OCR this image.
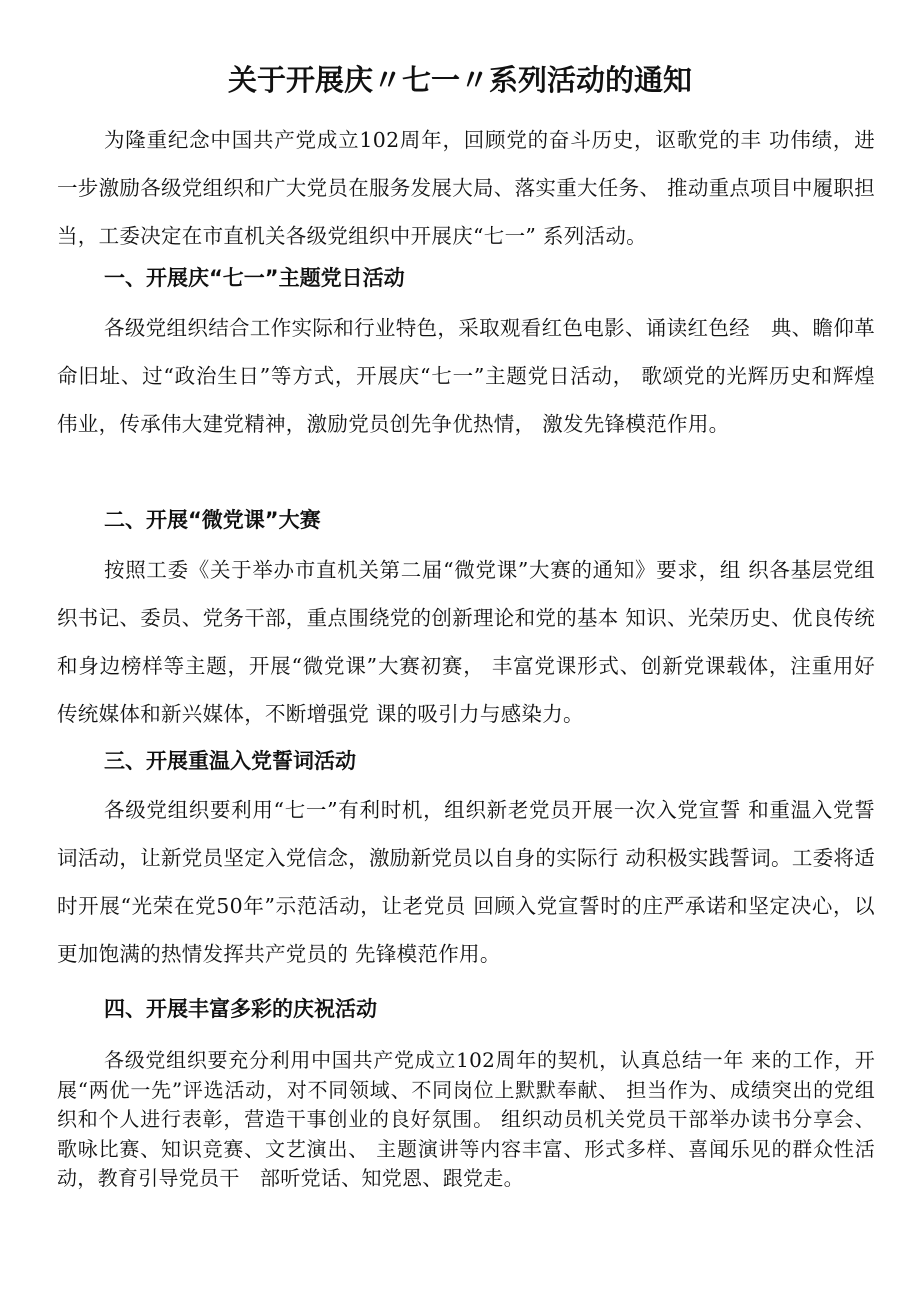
关于开展庆〃七一〃系列活动的通知

为隆重纪念中国共产党成立102周年，回顾党的奋斗历史，讴歌党的丰 功伟绩，进一步激励各级党组织和广大党员在服务发展大局、落实重大任务、 推动重点项目中履职担当，工委决定在市直机关各级党组织中开展庆“七一” 系列活动。

一、开展庆“七一”主题党日活动

各级党组织结合工作实际和行业特色，采取观看红色电影、诵读红色经　典、瞻仰革命旧址、过“政治生日”等方式，开展庆“七一”主题党日活动， 歌颂党的光辉历史和辉煌伟业，传承伟大建党精神，激励党员创先争优热情， 激发先锋模范作用。

二、开展“微党课”大赛

按照工委《关于举办市直机关第二届“微党课”大赛的通知》要求，组 织各基层党组织书记、委员、党务干部，重点围绕党的创新理论和党的基本 知识、光荣历史、优良传统和身边榜样等主题，开展“微党课”大赛初赛， 丰富党课形式、创新党课载体，注重用好传统媒体和新兴媒体，不断增强党 课的吸引力与感染力。

三、开展重温入党誓词活动

各级党组织要利用“七一”有利时机，组织新老党员开展一次入党宣誓 和重温入党誓词活动，让新党员坚定入党信念，激励新党员以自身的实际行 动积极实践誓词。工委将适时开展“光荣在党50年”示范活动，让老党员 回顾入党宣誓时的庄严承诺和坚定决心，以更加饱满的热情发挥共产党员的 先锋模范作用。

四、开展丰富多彩的庆祝活动

各级党组织要充分利用中国共产党成立102周年的契机，认真总结一年 来的工作，开展“两优一先”评选活动，对不同领域、不同岗位上默默奉献、 担当作为、成绩突出的党组织和个人进行表彰，营造干事创业的良好氛围。 组织动员机关党员干部举办读书分享会、歌咏比赛、知识竞赛、文艺演出、 主题演讲等内容丰富、形式多样、喜闻乐见的群众性活动，教育引导党员干　部听党话、知党恩、跟党走。
